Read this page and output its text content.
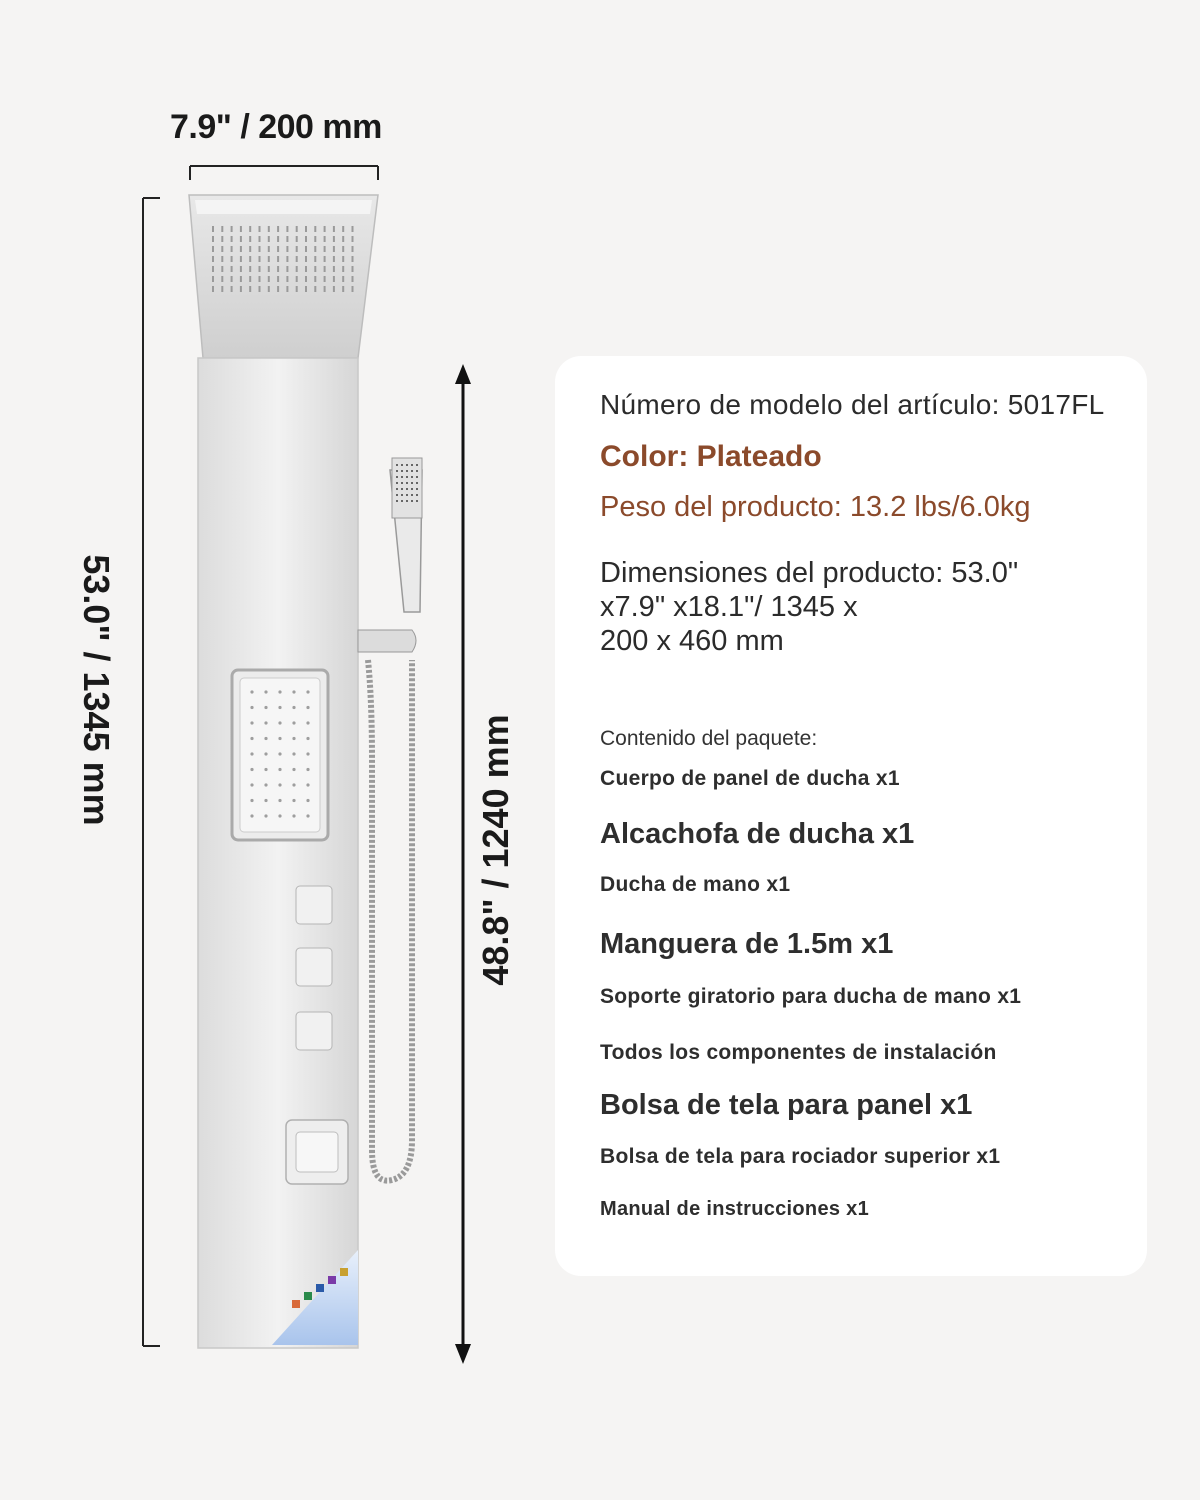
7.9" / 200 mm
53.0" / 1345 mm
48.8" / 1240 mm
Número de modelo del artículo: 5017FL
Color: Plateado
Peso del producto: 13.2 lbs/6.0kg
Dimensiones del producto: 53.0"
x7.9" x18.1"/ 1345 x
200 x 460 mm
Contenido del paquete:
Cuerpo de panel de ducha x1
Alcachofa de ducha x1
Ducha de mano x1
Manguera de 1.5m x1
Soporte giratorio para ducha de mano x1
Todos los componentes de instalación
Bolsa de tela para panel x1
Bolsa de tela para rociador superior x1
Manual de instrucciones x1
